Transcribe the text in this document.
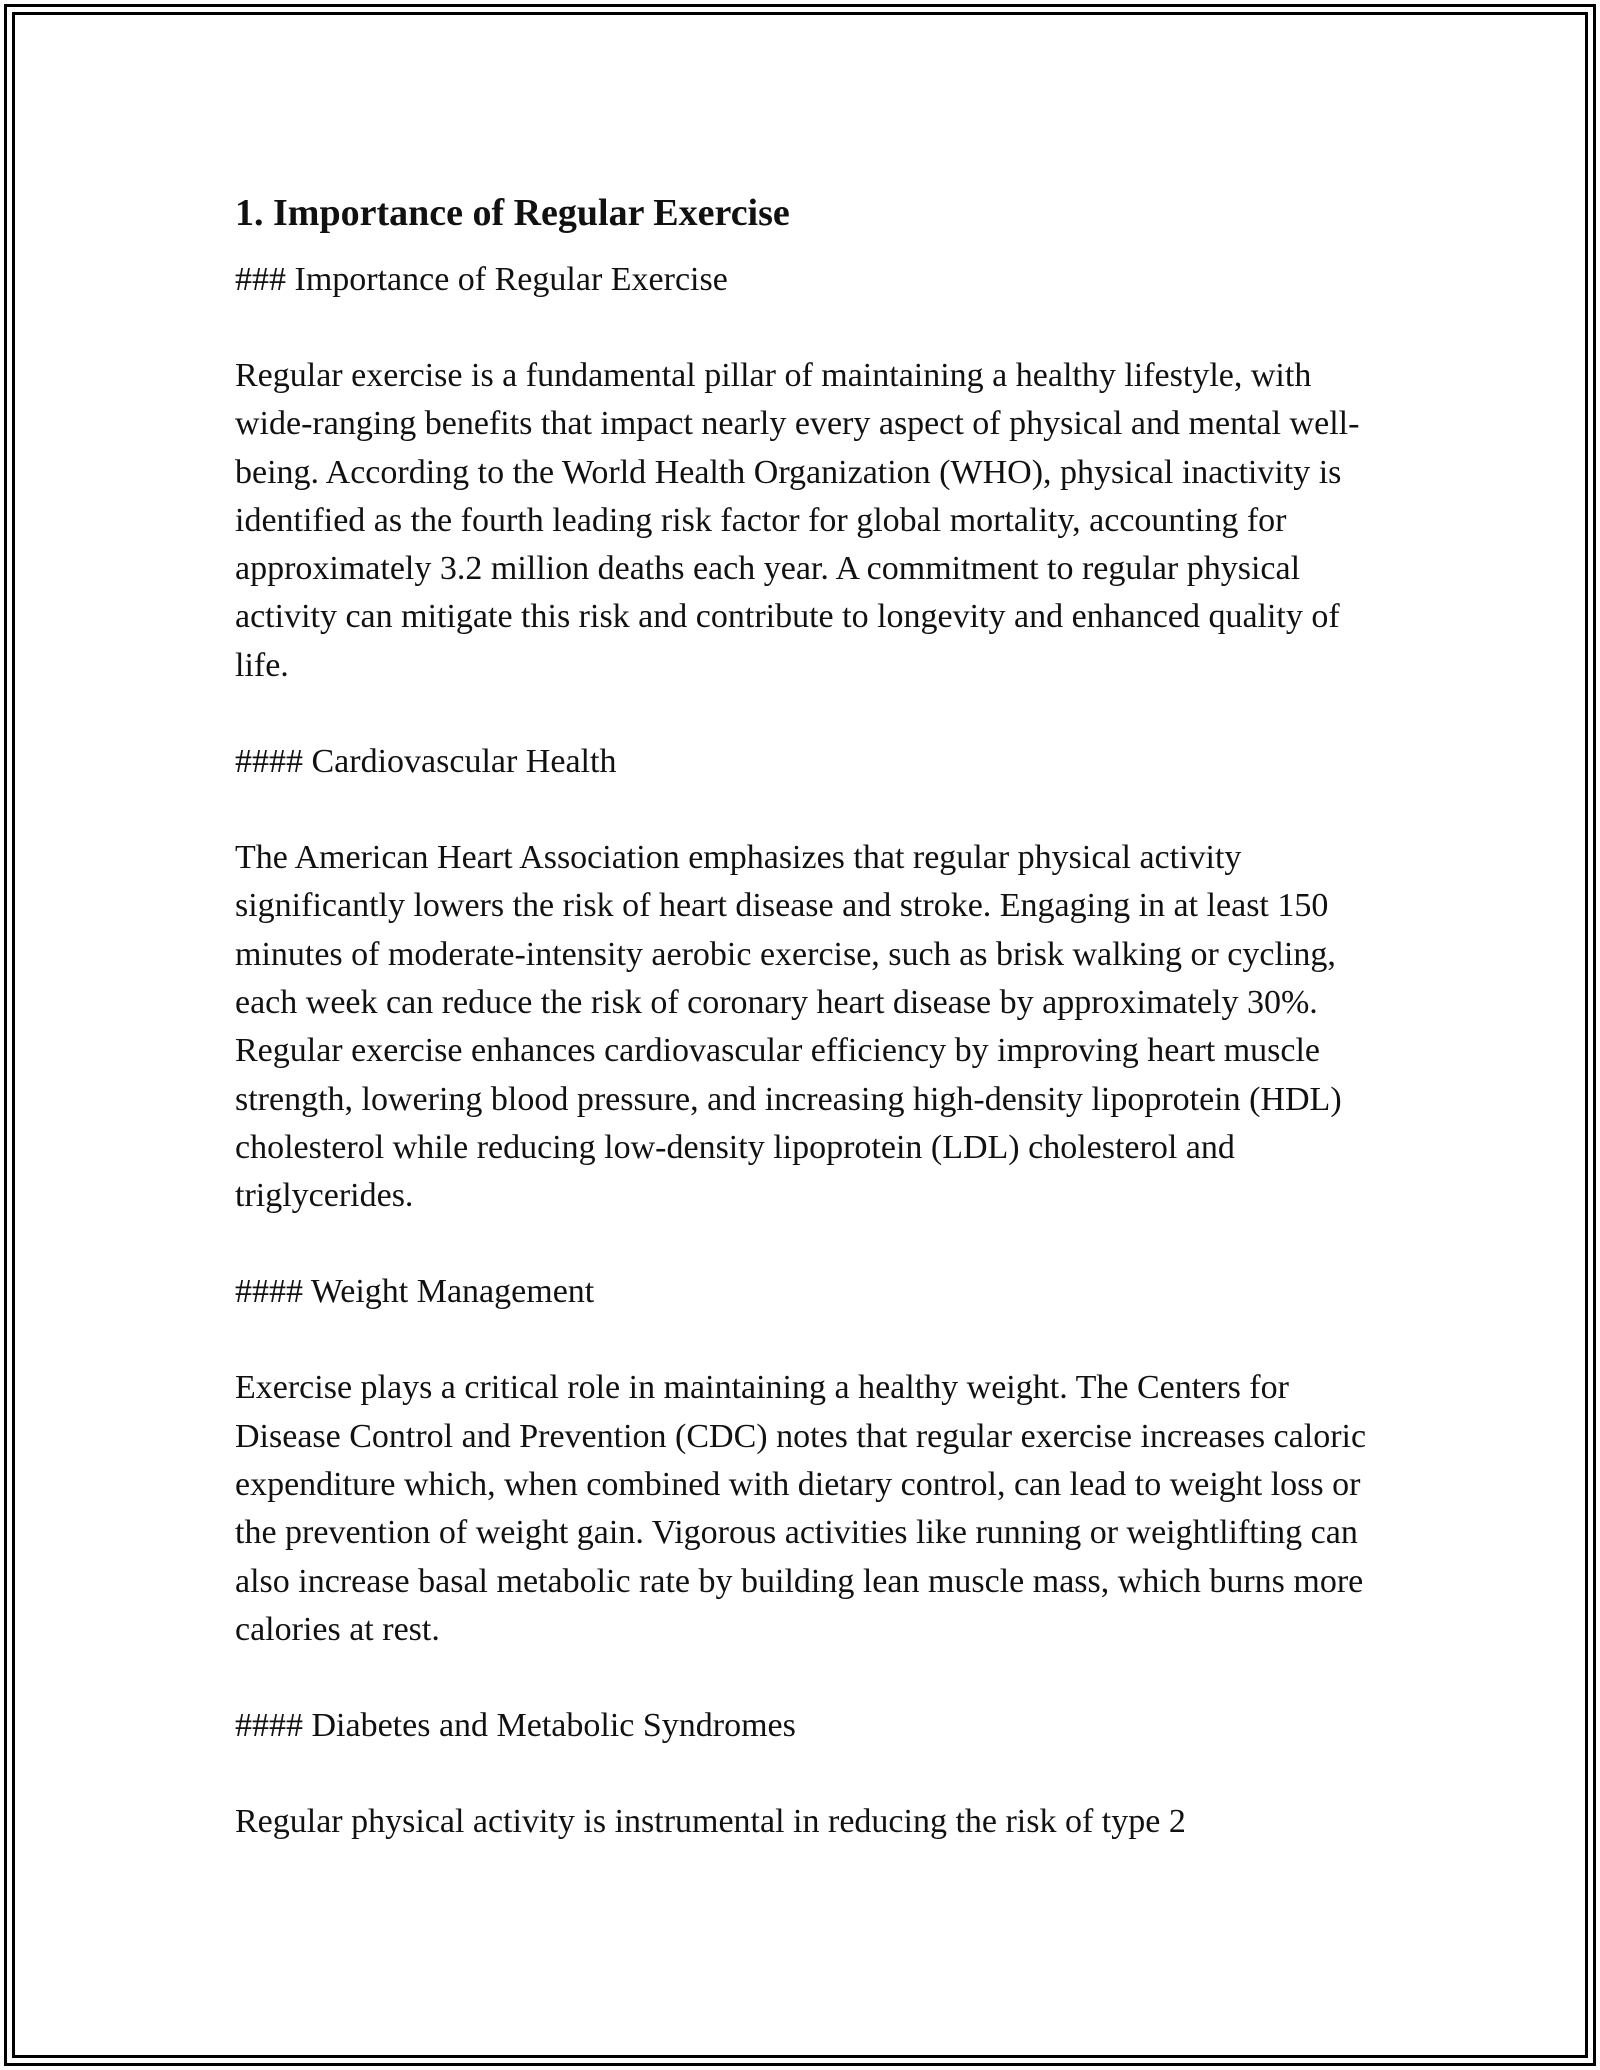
1. Importance of Regular Exercise

### Importance of Regular Exercise

Regular exercise is a fundamental pillar of maintaining a healthy lifestyle, with wide-ranging benefits that impact nearly every aspect of physical and mental well-being. According to the World Health Organization (WHO), physical inactivity is identified as the fourth leading risk factor for global mortality, accounting for approximately 3.2 million deaths each year. A commitment to regular physical activity can mitigate this risk and contribute to longevity and enhanced quality of life.

#### Cardiovascular Health

The American Heart Association emphasizes that regular physical activity significantly lowers the risk of heart disease and stroke. Engaging in at least 150 minutes of moderate-intensity aerobic exercise, such as brisk walking or cycling, each week can reduce the risk of coronary heart disease by approximately 30%. Regular exercise enhances cardiovascular efficiency by improving heart muscle strength, lowering blood pressure, and increasing high-density lipoprotein (HDL) cholesterol while reducing low-density lipoprotein (LDL) cholesterol and triglycerides.

#### Weight Management

Exercise plays a critical role in maintaining a healthy weight. The Centers for Disease Control and Prevention (CDC) notes that regular exercise increases caloric expenditure which, when combined with dietary control, can lead to weight loss or the prevention of weight gain. Vigorous activities like running or weightlifting can also increase basal metabolic rate by building lean muscle mass, which burns more calories at rest.

#### Diabetes and Metabolic Syndromes

Regular physical activity is instrumental in reducing the risk of type 2
